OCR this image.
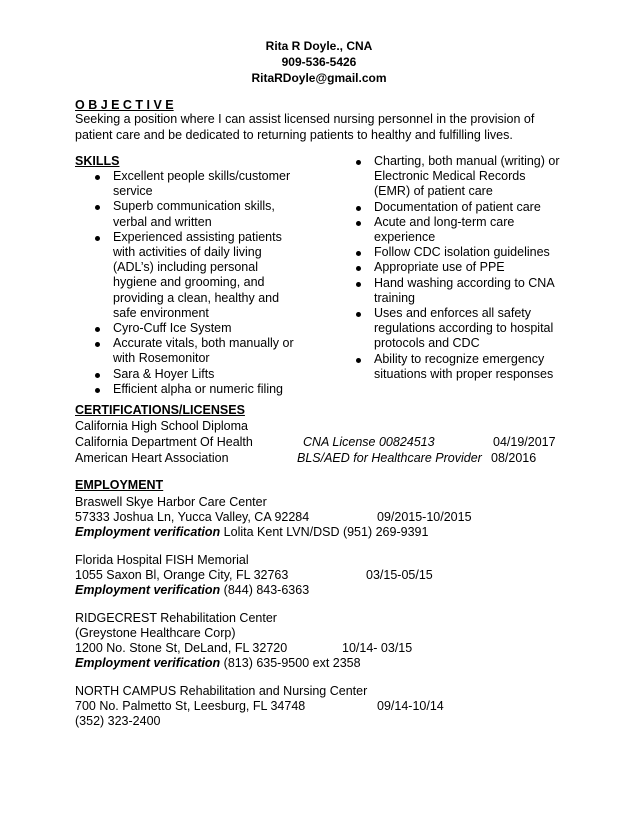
Rita R Doyle., CNA
909-536-5426
RitaRDoyle@gmail.com
O B J E C T I V E
Seeking a position where I can assist licensed nursing personnel in the provision of
patient care and be dedicated to returning patients to healthy and fulfilling lives.
SKILLS
Excellent people skills/customer
service
Superb communication skills,
verbal and written
Experienced assisting patients
with activities of daily living
(ADL’s) including personal
hygiene and grooming, and
providing a clean, healthy and
safe environment
Cyro-Cuff Ice System
Accurate vitals, both manually or
with Rosemonitor
Sara & Hoyer Lifts
Efficient alpha or numeric filing
Charting, both manual (writing) or
Electronic Medical Records
(EMR) of patient care
Documentation of patient care
Acute and long-term care
experience
Follow CDC isolation guidelines
Appropriate use of PPE
Hand washing according to CNA
training
Uses and enforces all safety
regulations according to hospital
protocols and CDC
Ability to recognize emergency
situations with proper responses
CERTIFICATIONS/LICENSES
California High School Diploma
California Department Of Health	CNA License 00824513	04/19/2017
American Heart Association	BLS/AED for Healthcare Provider 08/2016
EMPLOYMENT
Braswell Skye Harbor Care Center
57333 Joshua Ln, Yucca Valley, CA 92284	09/2015-10/2015
Employment verification Lolita Kent LVN/DSD (951) 269-9391
Florida Hospital FISH Memorial
1055 Saxon Bl, Orange City, FL 32763	03/15-05/15
Employment verification (844) 843-6363
RIDGECREST Rehabilitation Center
(Greystone Healthcare Corp)
1200 No. Stone St, DeLand, FL 32720	10/14- 03/15
Employment verification (813) 635-9500 ext 2358
NORTH CAMPUS Rehabilitation and Nursing Center
700 No. Palmetto St, Leesburg, FL 34748	09/14-10/14
(352) 323-2400
